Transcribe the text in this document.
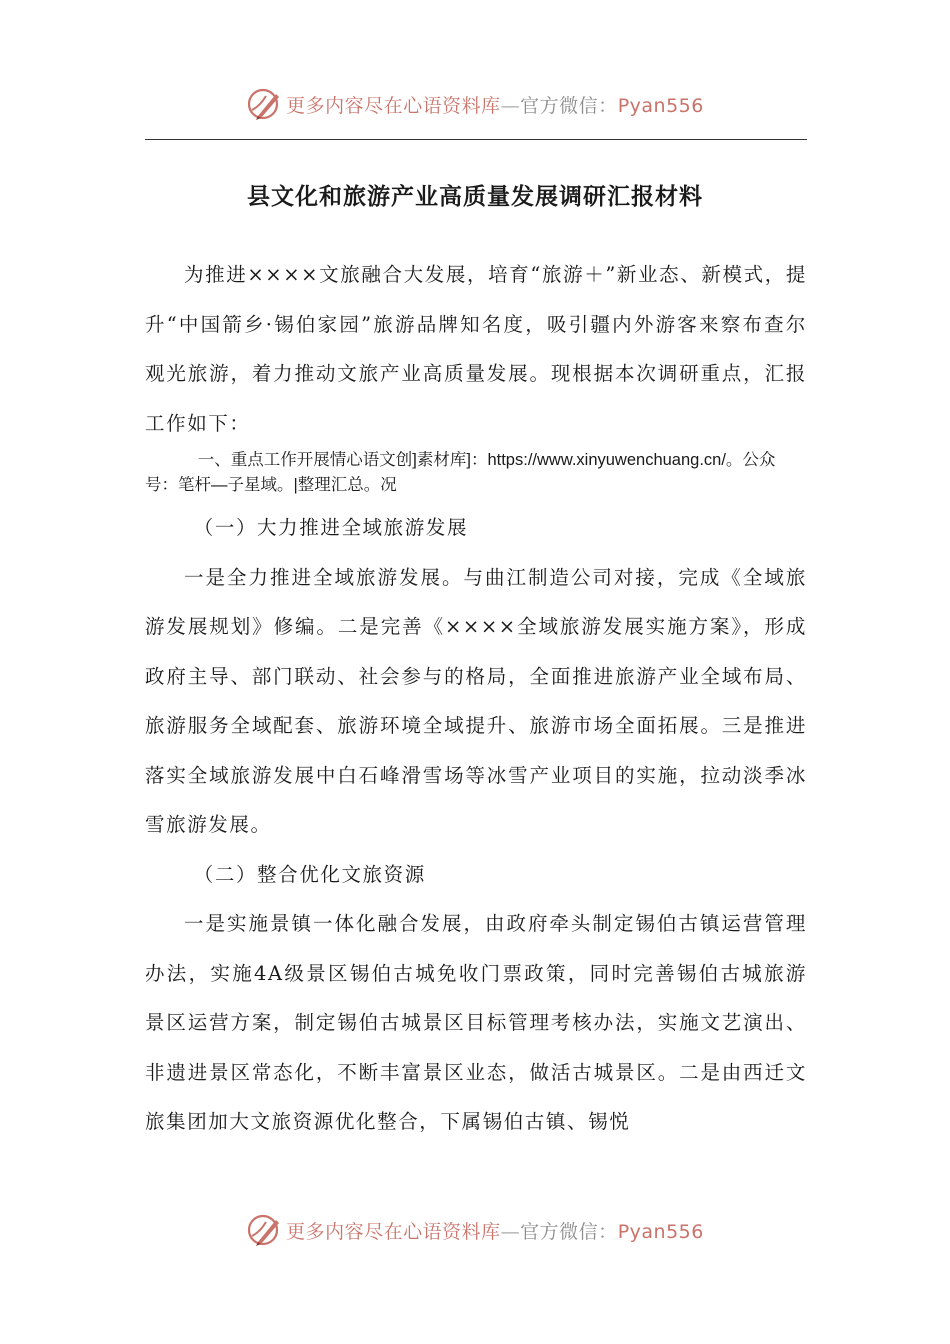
更多内容尽在心语资料库—官方微信：Pyan556
县文化和旅游产业高质量发展调研汇报材料

为推进××××文旅融合大发展，培育“旅游＋”新业态、新模式，提升“中国箭乡·锡伯家园”旅游品牌知名度，吸引疆内外游客来察布查尔观光旅游，着力推动文旅产业高质量发展。现根据本次调研重点，汇报工作如下：

一、重点工作开展情心语文创]素材库]：https://www.xinyuwenchuang.cn/。公众号：笔杆—子星域。|整理汇总。况

（一）大力推进全域旅游发展

一是全力推进全域旅游发展。与曲江制造公司对接，完成《全域旅游发展规划》修编。二是完善《××××全域旅游发展实施方案》，形成政府主导、部门联动、社会参与的格局，全面推进旅游产业全域布局、旅游服务全域配套、旅游环境全域提升、旅游市场全面拓展。三是推进落实全域旅游发展中白石峰滑雪场等冰雪产业项目的实施，拉动淡季冰雪旅游发展。

（二）整合优化文旅资源

一是实施景镇一体化融合发展，由政府牵头制定锡伯古镇运营管理办法，实施4A级景区锡伯古城免收门票政策，同时完善锡伯古城旅游景区运营方案，制定锡伯古城景区目标管理考核办法，实施文艺演出、非遗进景区常态化，不断丰富景区业态，做活古城景区。二是由西迁文旅集团加大文旅资源优化整合，下属锡伯古镇、锡悦

更多内容尽在心语资料库—官方微信：Pyan556
